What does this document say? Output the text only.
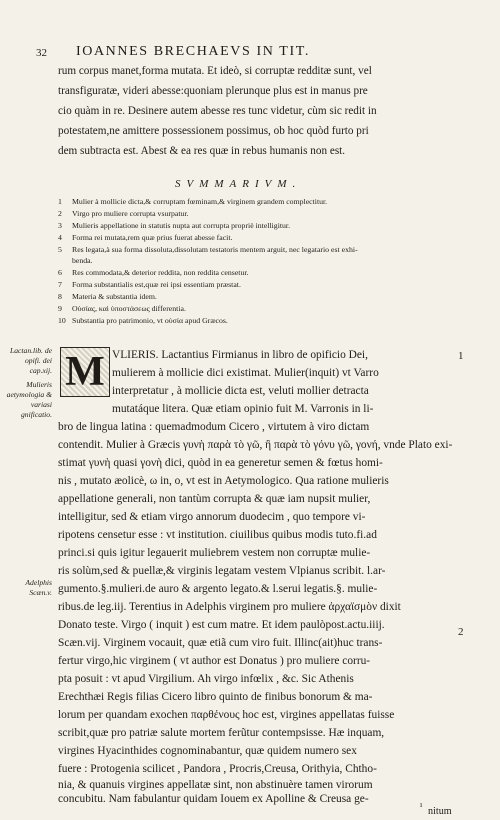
32 IOANNES BRECHAEVS IN TIT.
rum corpus manet,forma mutata. Et ideò, si corruptæ redditæ sunt, vel
transfiguratæ, videri abesse:quoniam plerunque plus est in manus pre
cio quàm in re. Desinere autem abesse res tunc videtur, cùm sic redit in
potestatem,ne amittere possessionem possimus, ob hoc quòd furto pri
dem subtracta est. Abest & ea res quæ in rebus humanis non est.
SVMMARIVM.
1 Mulier à mollicie dicta,& corruptam fœminam,& virginem grandem complectitur.
2 Virgo pro muliere corrupta vsurpatur.
3 Mulieris appellatione in statutis nupta aut corrupta propriè intelligitur.
4 Forma rei mutata,rem quæ prius fuerat abesse facit.
5 Res legata,à sua forma dissoluta,dissolutam testatoris mentem arguit, nec legatario est exhi-
benda.
6 Res commodata,& deterior reddita, non reddita censetur.
7 Forma substantialis est,quæ rei ipsi essentiam præstat.
8 Materia & substantia idem.
9 Οὐσίας, καὶ ὑποστάσεως differentia.
10 Substantia pro patrimonio, vt οὐσία apud Græcos.
M
Lactan.lib. de opifi. dei cap.xij.
Mulieris aetymologia & variasi gnificatio.
Adelphis Scæn.v.
1
2
VLIERIS. Lactantius Firmianus in libro de opificio Dei,
mulierem à mollicie dici existimat. Mulier(inquit) vt Varro
interpretatur , à mollicie dicta est, veluti mollier detracta
mutatáque litera. Quæ etiam opinio fuit M. Varronis in li-
bro de lingua latina : quemadmodum Cicero , virtutem à viro dictam
contendit. Mulier à Græcis γυνὴ παρὰ τὸ γῶ, ἢ παρὰ τὸ γόνυ γῶ, γονή, vnde Plato exi-
stimat γυνὴ quasi γονὴ dici, quòd in ea generetur semen & fœtus homi-
nis , mutato æolicè, ω in, ο, vt est in Aetymologico. Qua ratione mulieris
appellatione generali, non tantùm corrupta & quæ iam nupsit mulier,
intelligitur, sed & etiam virgo annorum duodecim , quo tempore vi-
ripotens censetur esse : vt institution. ciuilibus quibus modis tuto.fi.ad
princi.si quis igitur legauerit muliebrem vestem non corruptæ mulie-
ris solùm,sed & puellæ,& virginis legatam vestem Vlpianus scribit. l.ar-
gumento.§.mulieri.de auro & argento legato.& l.serui legatis.§. mulie-
ribus.de leg.iij. Terentius in Adelphis virginem pro muliere ἀρχαϊσμὸν dixit
Donato teste. Virgo ( inquit ) est cum matre. Et idem paulòpost.actu.iiij.
Scæn.vij. Virginem vocauit, quæ etiã cum viro fuit. Illinc(ait)huc trans-
fertur virgo,hic virginem ( vt author est Donatus ) pro muliere corru-
pta posuit : vt apud Virgilium. Ah virgo infœlix , &c. Sic Athenis
Erechthæi Regis filias Cicero libro quinto de finibus bonorum & ma-
lorum per quandam exochen παρθένους hoc est, virgines appellatas fuisse
scribit,quæ pro patriæ salute mortem ferũtur contempsisse. Hæ inquam,
virgines Hyacinthides cognominabantur, quæ quidem numero sex
fuere : Protogenia scilicet , Pandora , Procris,Creusa, Orithyia, Chtho-
nia, & quanuis virgines appellatæ sint, non abstinuère tamen virorum
concubitu. Nam fabulantur quidam Iouem ex Apolline & Creusa ge-
nitum
ı
